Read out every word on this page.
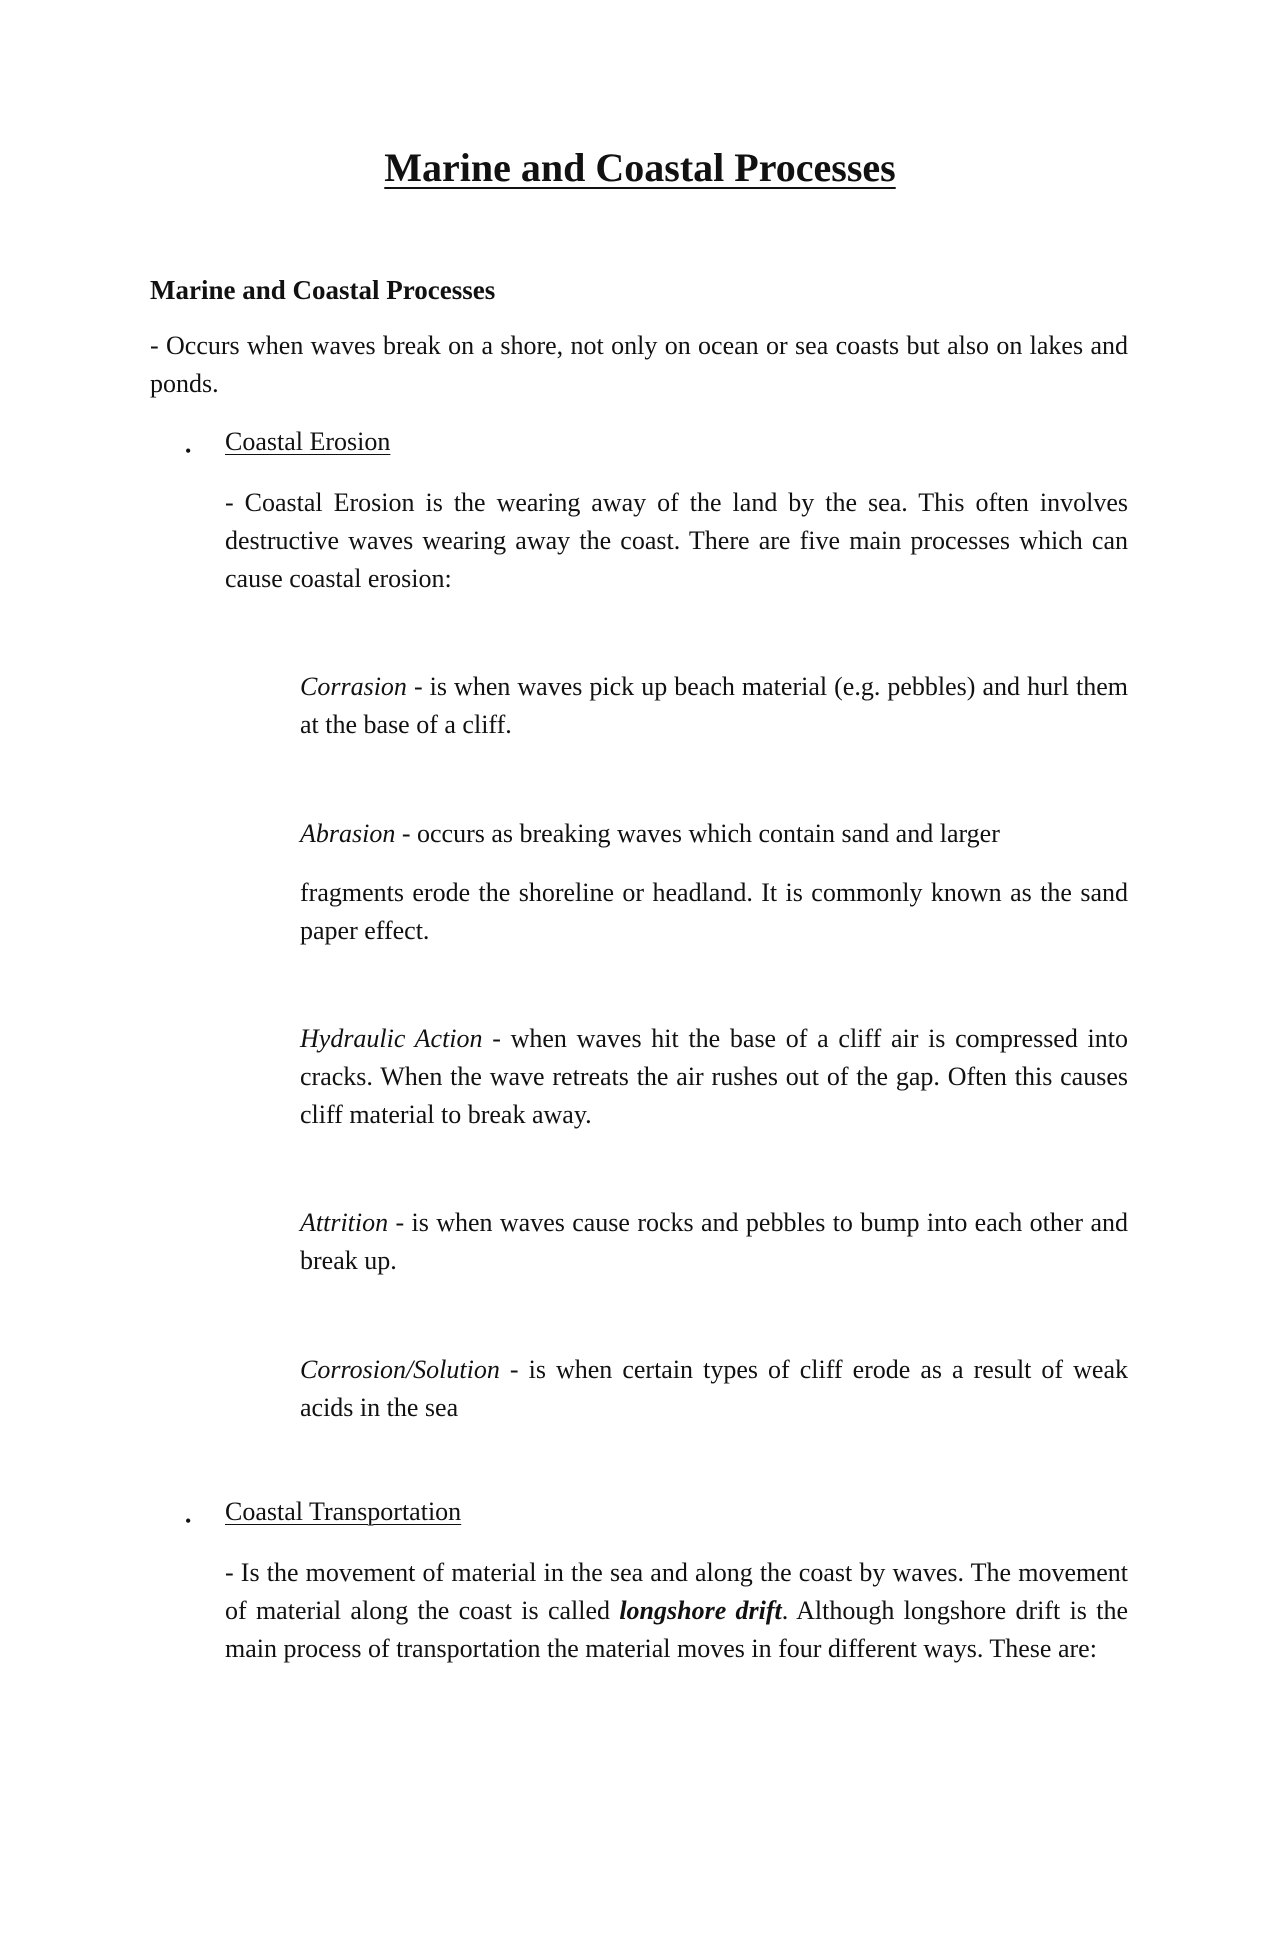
Marine and Coastal Processes
Marine and Coastal Processes

- Occurs when waves break on a shore, not only on ocean or sea coasts but also on lakes and ponds.

• Coastal Erosion

- Coastal Erosion is the wearing away of the land by the sea. This often involves destructive waves wearing away the coast. There are five main processes which can cause coastal erosion:

Corrasion - is when waves pick up beach material (e.g. pebbles) and hurl them at the base of a cliff.

Abrasion - occurs as breaking waves which contain sand and larger

fragments erode the shoreline or headland. It is commonly known as the sand paper effect.

Hydraulic Action - when waves hit the base of a cliff air is compressed into cracks. When the wave retreats the air rushes out of the gap. Often this causes cliff material to break away.

Attrition - is when waves cause rocks and pebbles to bump into each other and break up.

Corrosion/Solution - is when certain types of cliff erode as a result of weak acids in the sea

• Coastal Transportation

- Is the movement of material in the sea and along the coast by waves. The movement of material along the coast is called longshore drift. Although longshore drift is the main process of transportation the material moves in four different ways. These are:
